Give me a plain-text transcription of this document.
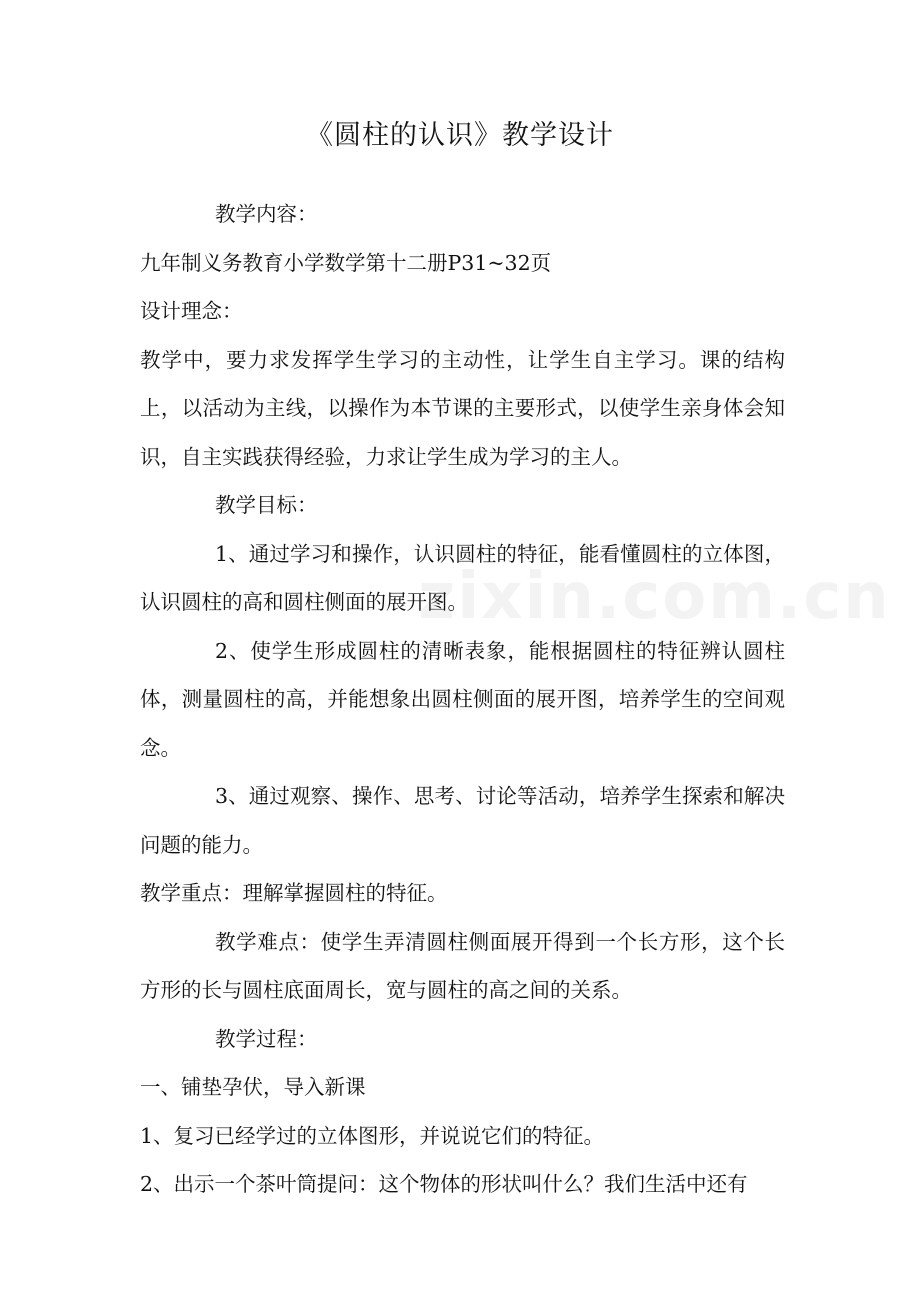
zixin.com.cn
《圆柱的认识》教学设计

教学内容：

九年制义务教育小学数学第十二册P31~32页

设计理念：

教学中，要力求发挥学生学习的主动性，让学生自主学习。课的结构上，以活动为主线，以操作为本节课的主要形式，以使学生亲身体会知识，自主实践获得经验，力求让学生成为学习的主人。

教学目标：

1、通过学习和操作，认识圆柱的特征，能看懂圆柱的立体图，认识圆柱的高和圆柱侧面的展开图。

2、使学生形成圆柱的清晰表象，能根据圆柱的特征辨认圆柱体，测量圆柱的高，并能想象出圆柱侧面的展开图，培养学生的空间观念。

3、通过观察、操作、思考、讨论等活动，培养学生探索和解决问题的能力。

教学重点：理解掌握圆柱的特征。

教学难点：使学生弄清圆柱侧面展开得到一个长方形，这个长方形的长与圆柱底面周长，宽与圆柱的高之间的关系。

教学过程：

一、铺垫孕伏，导入新课

1、复习已经学过的立体图形，并说说它们的特征。

2、出示一个茶叶筒提问：这个物体的形状叫什么？我们生活中还有
